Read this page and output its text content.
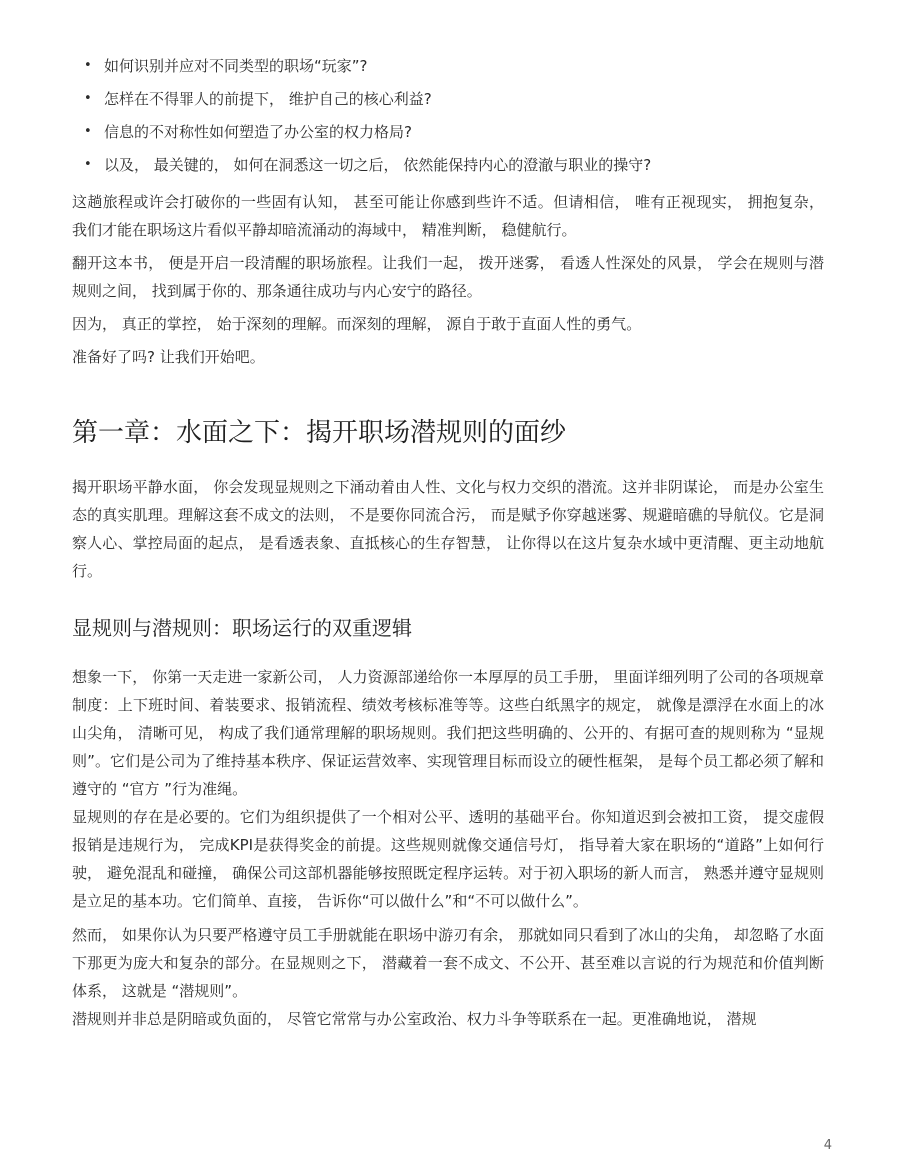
• 如何识别并应对不同类型的职场“玩家”?
• 怎样在不得罪人的前提下， 维护自己的核心利益?
• 信息的不对称性如何塑造了办公室的权力格局?
• 以及， 最关键的， 如何在洞悉这一切之后， 依然能保持内心的澄澈与职业的操守?

这趟旅程或许会打破你的一些固有认知， 甚至可能让你感到些许不适。但请相信， 唯有正视现实， 拥抱复杂， 我们才能在职场这片看似平静却暗流涌动的海域中， 精准判断， 稳健航行。

翻开这本书， 便是开启一段清醒的职场旅程。让我们一起， 拨开迷雾， 看透人性深处的风景， 学会在规则与潜规则之间， 找到属于你的、那条通往成功与内心安宁的路径。

因为， 真正的掌控， 始于深刻的理解。而深刻的理解， 源自于敢于直面人性的勇气。

准备好了吗? 让我们开始吧。

第一章：水面之下：揭开职场潜规则的面纱

揭开职场平静水面， 你会发现显规则之下涌动着由人性、文化与权力交织的潜流。这并非阴谋论， 而是办公室生态的真实肌理。理解这套不成文的法则， 不是要你同流合污， 而是赋予你穿越迷雾、规避暗礁的导航仪。它是洞察人心、掌控局面的起点， 是看透表象、直抵核心的生存智慧， 让你得以在这片复杂水域中更清醒、更主动地航行。

显规则与潜规则：职场运行的双重逻辑

想象一下， 你第一天走进一家新公司， 人力资源部递给你一本厚厚的员工手册， 里面详细列明了公司的各项规章制度：上下班时间、着装要求、报销流程、绩效考核标准等等。这些白纸黑字的规定， 就像是漂浮在水面上的冰山尖角， 清晰可见， 构成了我们通常理解的职场规则。我们把这些明确的、公开的、有据可查的规则称为 “显规则”。它们是公司为了维持基本秩序、保证运营效率、实现管理目标而设立的硬性框架， 是每个员工都必须了解和遵守的 “官方 ”行为准绳。

显规则的存在是必要的。它们为组织提供了一个相对公平、透明的基础平台。你知道迟到会被扣工资， 提交虚假报销是违规行为， 完成KPI是获得奖金的前提。这些规则就像交通信号灯， 指导着大家在职场的“道路”上如何行驶， 避免混乱和碰撞， 确保公司这部机器能够按照既定程序运转。对于初入职场的新人而言， 熟悉并遵守显规则是立足的基本功。它们简单、直接， 告诉你“可以做什么”和“不可以做什么”。

然而， 如果你认为只要严格遵守员工手册就能在职场中游刃有余， 那就如同只看到了冰山的尖角， 却忽略了水面下那更为庞大和复杂的部分。在显规则之下， 潜藏着一套不成文、不公开、甚至难以言说的行为规范和价值判断体系， 这就是 “潜规则”。

潜规则并非总是阴暗或负面的， 尽管它常常与办公室政治、权力斗争等联系在一起。更准确地说， 潜规

4
